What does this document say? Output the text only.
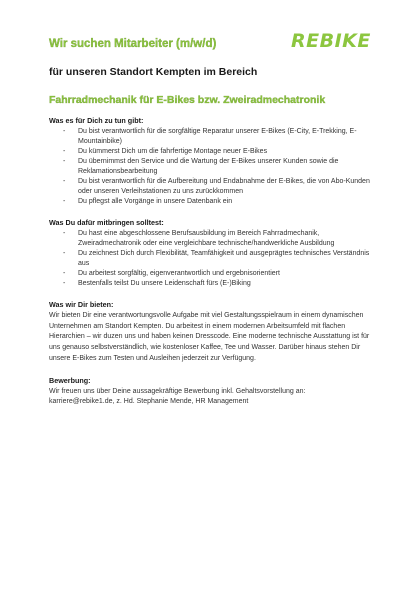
REBIKE
Wir suchen Mitarbeiter (m/w/d)
für unseren Standort Kempten im Bereich
Fahrradmechanik für E-Bikes bzw. Zweiradmechatronik
Was es für Dich zu tun gibt:
- Du bist verantwortlich für die sorgfältige Reparatur unserer E-Bikes (E-City, E-Trekking, E-Mountainbike)
- Du kümmerst Dich um die fahrfertige Montage neuer E-Bikes
- Du übernimmst den Service und die Wartung der E-Bikes unserer Kunden sowie die Reklamationsbearbeitung
- Du bist verantwortlich für die Aufbereitung und Endabnahme der E-Bikes, die von Abo-Kunden oder unseren Verleihstationen zu uns zurückkommen
- Du pflegst alle Vorgänge in unsere Datenbank ein
Was Du dafür mitbringen solltest:
- Du hast eine abgeschlossene Berufsausbildung im Bereich Fahrradmechanik, Zweiradmechatronik oder eine vergleichbare technische/handwerkliche Ausbildung
- Du zeichnest Dich durch Flexibilität, Teamfähigkeit und ausgeprägtes technisches Verständnis aus
- Du arbeitest sorgfältig, eigenverantwortlich und ergebnisorientiert
- Bestenfalls teilst Du unsere Leidenschaft fürs (E-)Biking
Was wir Dir bieten:
Wir bieten Dir eine verantwortungsvolle Aufgabe mit viel Gestaltungsspielraum in einem dynamischen Unternehmen am Standort Kempten. Du arbeitest in einem modernen Arbeitsumfeld mit flachen Hierarchien – wir duzen uns und haben keinen Dresscode. Eine moderne technische Ausstattung ist für uns genauso selbstverständlich, wie kostenloser Kaffee, Tee und Wasser. Darüber hinaus stehen Dir unsere E-Bikes zum Testen und Ausleihen jederzeit zur Verfügung.
Bewerbung:
Wir freuen uns über Deine aussagekräftige Bewerbung inkl. Gehaltsvorstellung an:
karriere@rebike1.de, z. Hd. Stephanie Mende, HR Management
